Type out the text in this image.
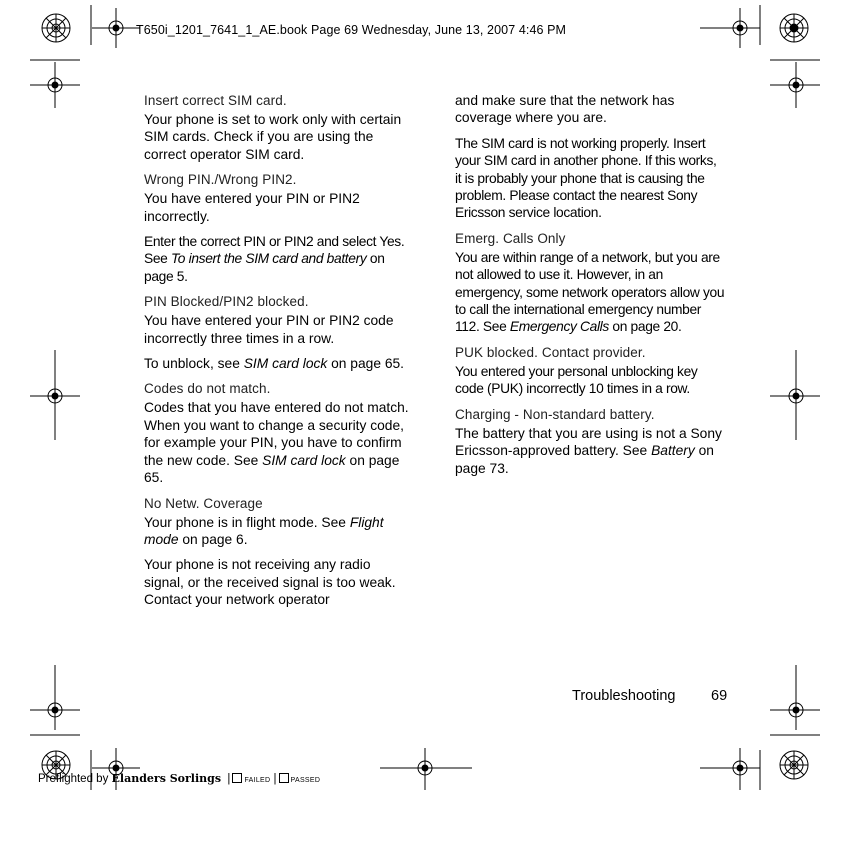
T650i_1201_7641_1_AE.book Page 69 Wednesday, June 13, 2007 4:46 PM
Insert correct SIM card.

Your phone is set to work only with certain SIM cards. Check if you are using the correct operator SIM card.

Wrong PIN./Wrong PIN2.

You have entered your PIN or PIN2 incorrectly.

Enter the correct PIN or PIN2 and select Yes. See To insert the SIM card and battery on page 5.

PIN Blocked/PIN2 blocked.

You have entered your PIN or PIN2 code incorrectly three times in a row.

To unblock, see SIM card lock on page 65.

Codes do not match.

Codes that you have entered do not match. When you want to change a security code, for example your PIN, you have to confirm the new code. See SIM card lock on page 65.

No Netw. Coverage

Your phone is in flight mode. See Flight mode on page 6.

Your phone is not receiving any radio signal, or the received signal is too weak. Contact your network operator

and make sure that the network has coverage where you are.

The SIM card is not working properly. Insert your SIM card in another phone. If this works, it is probably your phone that is causing the problem. Please contact the nearest Sony Ericsson service location.

Emerg. Calls Only

You are within range of a network, but you are not allowed to use it. However, in an emergency, some network operators allow you to call the international emergency number 112. See Emergency Calls on page 20.

PUK blocked. Contact provider.

You entered your personal unblocking key code (PUK) incorrectly 10 times in a row.

Charging - Non-standard battery.

The battery that you are using is not a Sony Ericsson-approved battery. See Battery on page 73.

Troubleshooting 69
Preflighted by Elanders Sorlings  | FAILED | PASSED
